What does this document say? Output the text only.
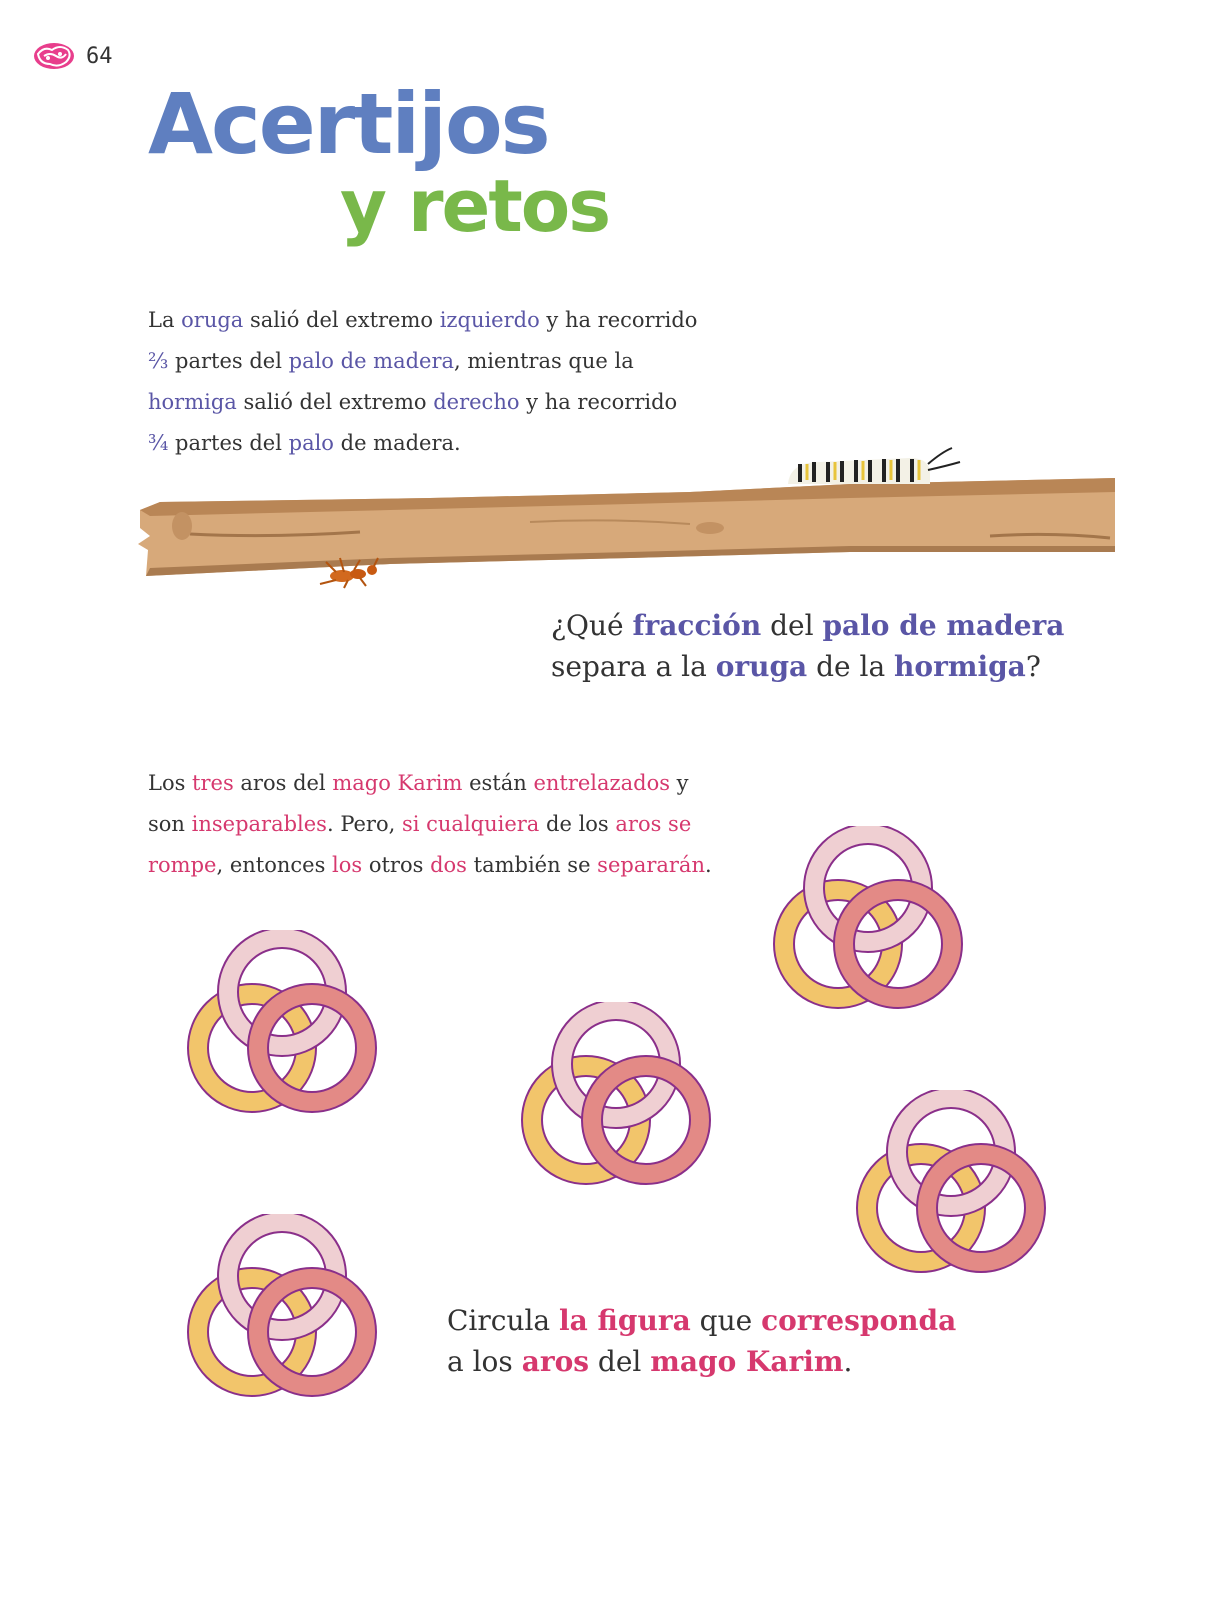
64
Acertijos
y retos

La oruga salió del extremo izquierdo y ha recorrido

⅔ partes del palo de madera, mientras que la

hormiga salió del extremo derecho y ha recorrido

¾ partes del palo de madera.

¿Qué fracción del palo de madera

separa a la oruga de la hormiga?

Los tres aros del mago Karim están entrelazados y

son inseparables. Pero, si cualquiera de los aros se

rompe, entonces los otros dos también se separarán.

Circula la figura que corresponda

a los aros del mago Karim.
